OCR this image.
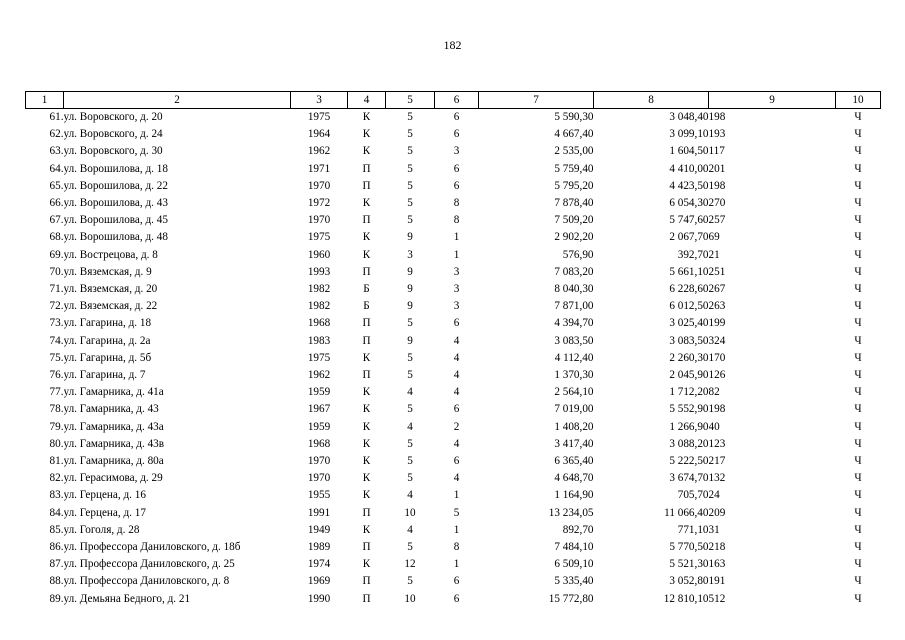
182
1	2	3	4	5	6	7	8	9	10
61.	ул. Воровского, д. 20	1975	К	5	6	5 590,30	3 048,40	198	Ч
62.	ул. Воровского, д. 24	1964	К	5	6	4 667,40	3 099,10	193	Ч
63.	ул. Воровского, д. 30	1962	К	5	3	2 535,00	1 604,50	117	Ч
64.	ул. Ворошилова, д. 18	1971	П	5	6	5 759,40	4 410,00	201	Ч
65.	ул. Ворошилова, д. 22	1970	П	5	6	5 795,20	4 423,50	198	Ч
66.	ул. Ворошилова, д. 43	1972	К	5	8	7 878,40	6 054,30	270	Ч
67.	ул. Ворошилова, д. 45	1970	П	5	8	7 509,20	5 747,60	257	Ч
68.	ул. Ворошилова, д. 48	1975	К	9	1	2 902,20	2 067,70	69	Ч
69.	ул. Вострецова, д. 8	1960	К	3	1	576,90	392,70	21	Ч
70.	ул. Вяземская, д. 9	1993	П	9	3	7 083,20	5 661,10	251	Ч
71.	ул. Вяземская, д. 20	1982	Б	9	3	8 040,30	6 228,60	267	Ч
72.	ул. Вяземская, д. 22	1982	Б	9	3	7 871,00	6 012,50	263	Ч
73.	ул. Гагарина, д. 18	1968	П	5	6	4 394,70	3 025,40	199	Ч
74.	ул. Гагарина, д. 2а	1983	П	9	4	3 083,50	3 083,50	324	Ч
75.	ул. Гагарина, д. 5б	1975	К	5	4	4 112,40	2 260,30	170	Ч
76.	ул. Гагарина, д. 7	1962	П	5	4	1 370,30	2 045,90	126	Ч
77.	ул. Гамарника, д. 41а	1959	К	4	4	2 564,10	1 712,20	82	Ч
78.	ул. Гамарника, д. 43	1967	К	5	6	7 019,00	5 552,90	198	Ч
79.	ул. Гамарника, д. 43а	1959	К	4	2	1 408,20	1 266,90	40	Ч
80.	ул. Гамарника, д. 43в	1968	К	5	4	3 417,40	3 088,20	123	Ч
81.	ул. Гамарника, д. 80а	1970	К	5	6	6 365,40	5 222,50	217	Ч
82.	ул. Герасимова, д. 29	1970	К	5	4	4 648,70	3 674,70	132	Ч
83.	ул. Герцена, д. 16	1955	К	4	1	1 164,90	705,70	24	Ч
84.	ул. Герцена, д. 17	1991	П	10	5	13 234,05	11 066,40	209	Ч
85.	ул. Гоголя, д. 28	1949	К	4	1	892,70	771,10	31	Ч
86.	ул. Профессора Даниловского, д. 18б	1989	П	5	8	7 484,10	5 770,50	218	Ч
87.	ул. Профессора Даниловского, д. 25	1974	К	12	1	6 509,10	5 521,30	163	Ч
88.	ул. Профессора Даниловского, д. 8	1969	П	5	6	5 335,40	3 052,80	191	Ч
89.	ул. Демьяна Бедного, д. 21	1990	П	10	6	15 772,80	12 810,10	512	Ч
